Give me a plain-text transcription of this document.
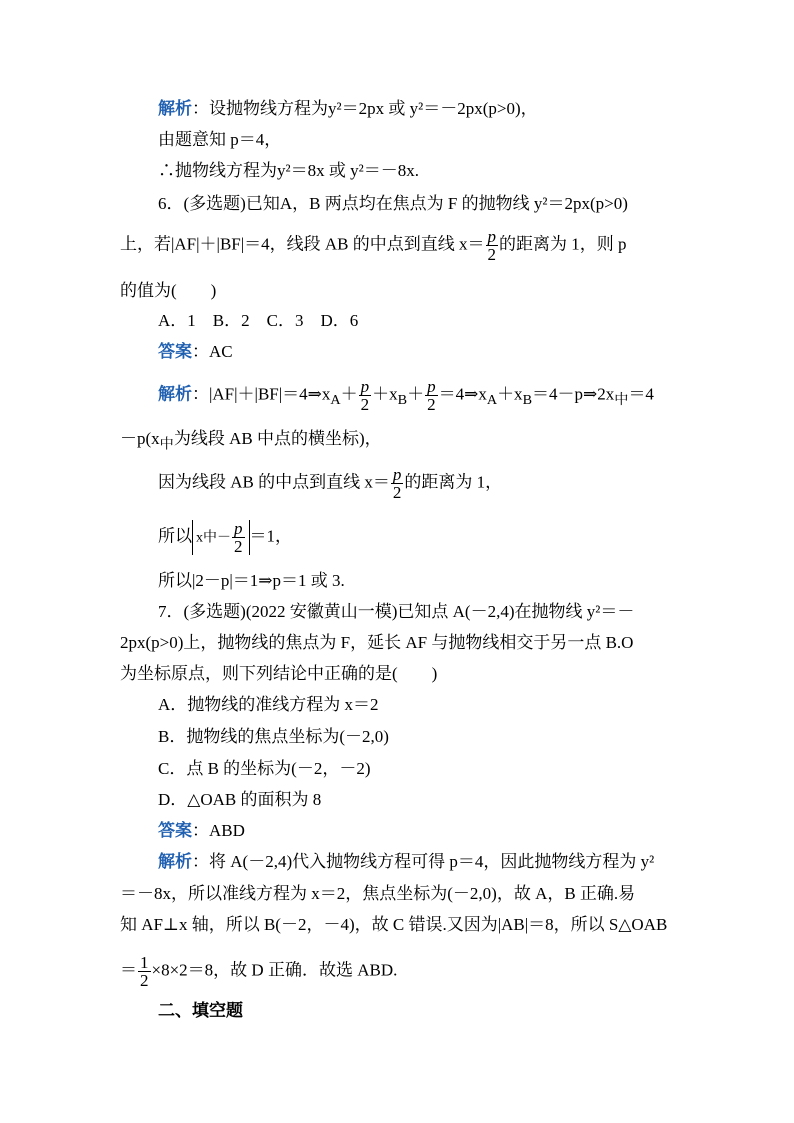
解析：设抛物线方程为y²＝2px 或 y²＝－2px(p>0)，
由题意知 p＝4，
∴抛物线方程为y²＝8x 或 y²＝－8x.
6．(多选题)已知A，B 两点均在焦点为 F 的抛物线 y²＝2px(p>0)
上，若|AF|＋|BF|＝4，线段 AB 的中点到直线 $x= \frac{p}{2}$ 的距离为 1，则 p
的值为(　　)
A．1　B．2　C．3　D．6
答案：AC
解析：$|AF|+|BF|=4\Rightarrow x_A+ \frac{p}{2} +x_B+ \frac{p}{2}$ $=4\Rightarrow x_A+x_B=4-p\Rightarrow 2x_中=4$
$-p(x_中$为线段 AB 中点的横坐标)，
因为线段 AB 的中点到直线 $x= \frac{p}{2}$ 的距离为 1，
所以 x中－ $\frac{p}{2} =1$，
所以|2－p|＝1⇒p＝1 或 3.
7．(多选题)(2022 安徽黄山一模)已知点 A(－2,4)在抛物线 y²＝－
2px(p>0)上，抛物线的焦点为 F，延长 AF 与抛物线相交于另一点 B.O
为坐标原点，则下列结论中正确的是(　　)
A．抛物线的准线方程为 x＝2
B．抛物线的焦点坐标为(－2,0)
C．点 B 的坐标为(－2，－2)
D．△OAB 的面积为 8
答案：ABD
解析：将 A(－2,4)代入抛物线方程可得 p＝4，因此抛物线方程为 y²
＝－8x，所以准线方程为 x＝2，焦点坐标为(－2,0)，故 A，B 正确.易
知 AF⊥x 轴，所以 B(－2，－4)，故 C 错误.又因为|AB|＝8，所以 S△OAB
＝ $\frac{1}{2} \times 8\times 2=8$，故 D 正确．故选 ABD.
二、填空题
